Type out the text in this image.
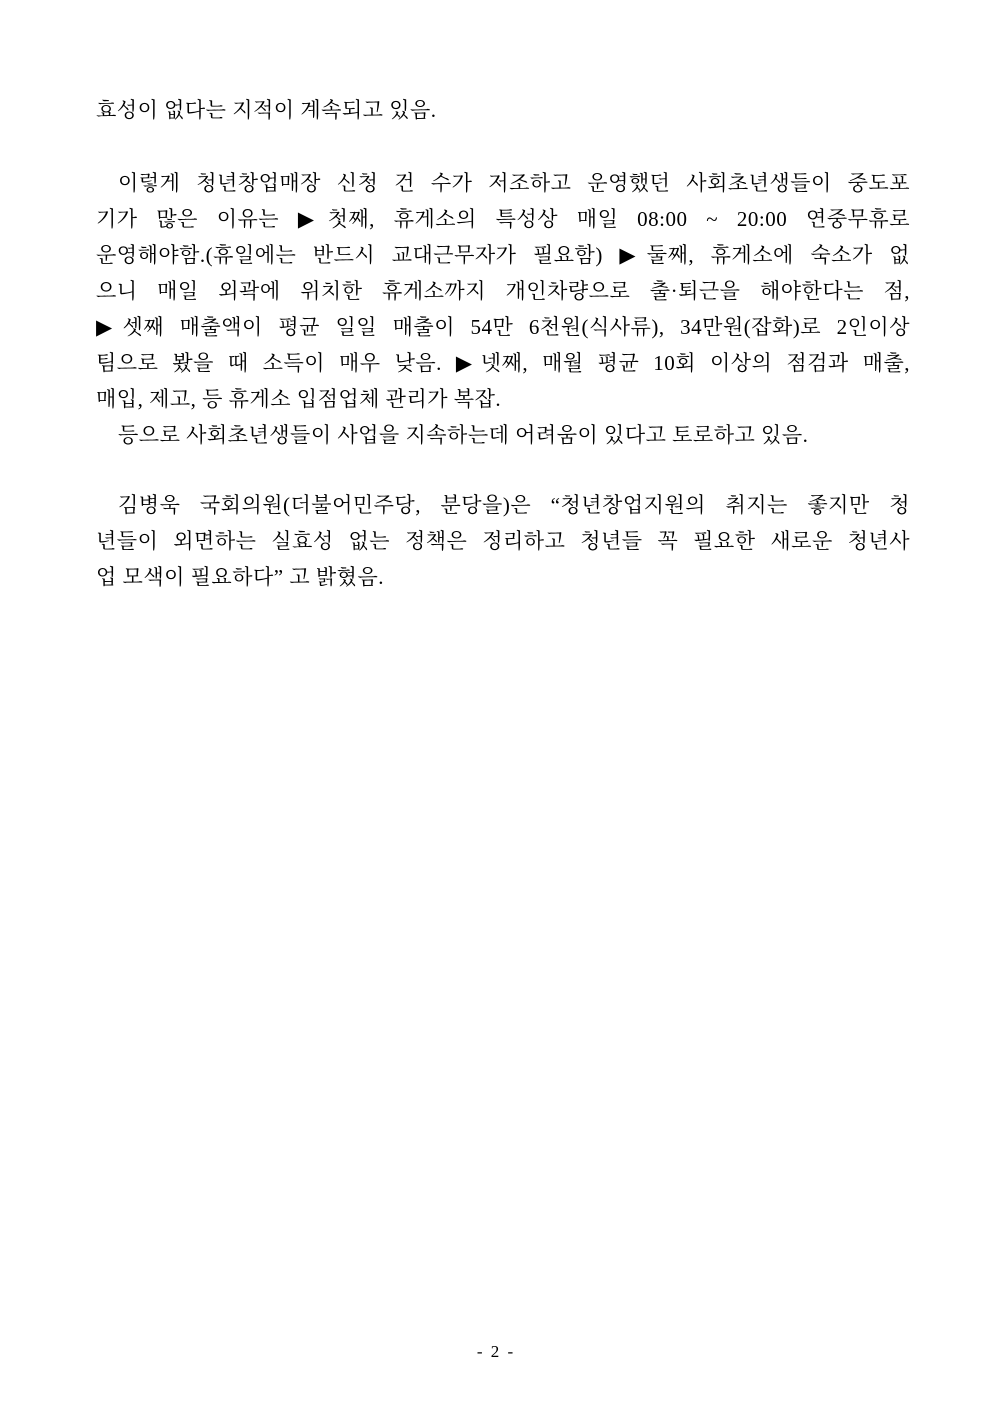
효성이 없다는 지적이 계속되고 있음.
이렇게 청년창업매장 신청 건 수가 저조하고 운영했던 사회초년생들이 중도포
기가 많은 이유는 ▶첫째, 휴게소의 특성상 매일 08:00 ~ 20:00 연중무휴로
운영해야함.(휴일에는 반드시 교대근무자가 필요함) ▶둘째, 휴게소에 숙소가 없
으니 매일 외곽에 위치한 휴게소까지 개인차량으로 출·퇴근을 해야한다는 점,
▶셋째 매출액이 평균 일일 매출이 54만 6천원(식사류), 34만원(잡화)로 2인이상
팀으로 봤을 때 소득이 매우 낮음. ▶넷째, 매월 평균 10회 이상의 점검과 매출,
매입, 제고, 등 휴게소 입점업체 관리가 복잡.
등으로 사회초년생들이 사업을 지속하는데 어려움이 있다고 토로하고 있음.
김병욱 국회의원(더불어민주당, 분당을)은 “청년창업지원의 취지는 좋지만 청
년들이 외면하는 실효성 없는 정책은 정리하고 청년들 꼭 필요한 새로운 청년사
업 모색이 필요하다” 고 밝혔음.
- 2 -
